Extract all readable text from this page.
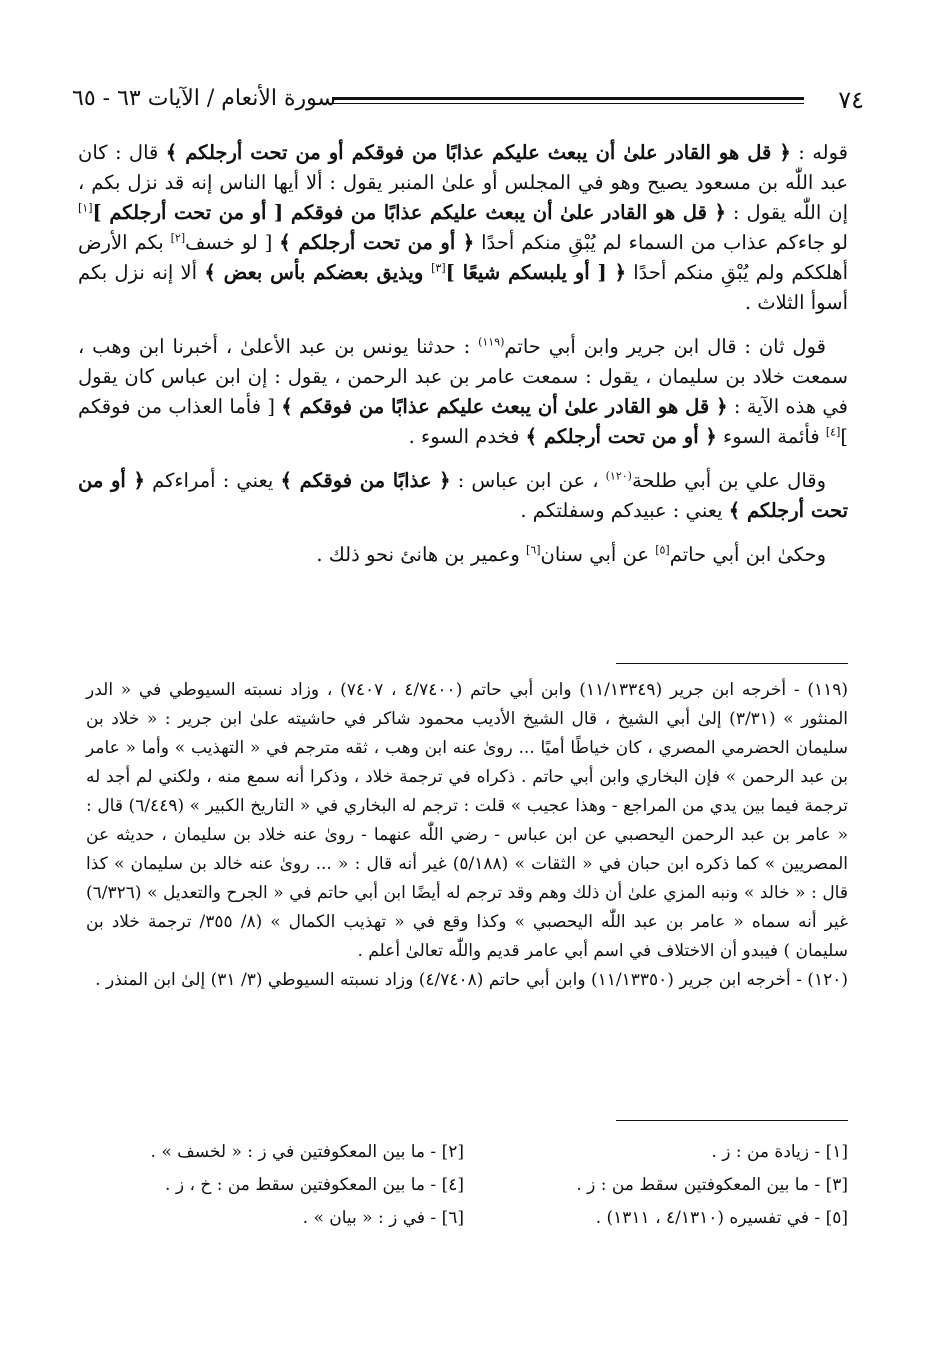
٧٤
سورة الأنعام / الآيات ٦٣ - ٦٥

قوله : ﴿ قل هو القادر علىٰ أن يبعث عليكم عذابًا من فوقكم أو من تحت أرجلكم ﴾ قال : كان عبد اللّٰه بن مسعود يصيح وهو في المجلس أو علىٰ المنبر يقول : ألا أيها الناس إنه قد نزل بكم ، إن اللّٰه يقول : ﴿ قل هو القادر علىٰ أن يبعث عليكم عذابًا من فوقكم [ أو من تحت أرجلكم ][١] لو جاءكم عذاب من السماء لم يُبْقِ منكم أحدًا ﴿ أو من تحت أرجلكم ﴾ [ لو خسف[٢] بكم الأرض أهلككم ولم يُبْقِ منكم أحدًا ﴿ [ أو يلبسكم شيعًا ][٣] ويذيق بعضكم بأس بعض ﴾ ألا إنه نزل بكم أسوأ الثلاث .

قول ثان : قال ابن جرير وابن أبي حاتم$^{(١١٩)}$ : حدثنا يونس بن عبد الأعلىٰ ، أخبرنا ابن وهب ، سمعت خلاد بن سليمان ، يقول : سمعت عامر بن عبد الرحمن ، يقول : إن ابن عباس كان يقول في هذه الآية : ﴿ قل هو القادر علىٰ أن يبعث عليكم عذابًا من فوقكم ﴾ [ فأما العذاب من فوقكم ][٤] فأئمة السوء ﴿ أو من تحت أرجلكم ﴾ فخدم السوء .

وقال علي بن أبي طلحة$^{(١٢٠)}$ ، عن ابن عباس : ﴿ عذابًا من فوقكم ﴾ يعني : أمراءكم ﴿ أو من تحت أرجلكم ﴾ يعني : عبيدكم وسفلتكم .

وحكىٰ ابن أبي حاتم[٥] عن أبي سنان[٦] وعمير بن هانئ نحو ذلك .

(١١٩) - أخرجه ابن جرير (١١/١٣٣٤٩) وابن أبي حاتم (٤/٧٤٠٠ ، ٧٤٠٧) ، وزاد نسبته السيوطي في « الدر المنثور » (٣/٣١) إلىٰ أبي الشيخ ، قال الشيخ الأديب محمود شاكر في حاشيته علىٰ ابن جرير : « خلاد بن سليمان الحضرمي المصري ، كان خياطًا أميًا ... روىٰ عنه ابن وهب ، ثقه مترجم في « التهذيب » وأما « عامر بن عبد الرحمن » فإن البخاري وابن أبي حاتم . ذكراه في ترجمة خلاد ، وذكرا أنه سمع منه ، ولكني لم أجد له ترجمة فيما بين يدي من المراجع - وهذا عجيب » قلت : ترجم له البخاري في « التاريخ الكبير » (٦/٤٤٩) قال : « عامر بن عبد الرحمن اليحصبي عن ابن عباس - رضي اللّٰه عنهما - روىٰ عنه خلاد بن سليمان ، حديثه عن المصريين » كما ذكره ابن حبان في « الثقات » (٥/١٨٨) غير أنه قال : « ... روىٰ عنه خالد بن سليمان » كذا قال : « خالد » ونبه المزي علىٰ أن ذلك وهم وقد ترجم له أيضًا ابن أبي حاتم في « الجرح والتعديل » (٦/٣٢٦) غير أنه سماه « عامر بن عبد اللّٰه اليحصبي » وكذا وقع في « تهذيب الكمال » (٨/ ٣٥٥/ ترجمة خلاد بن سليمان ) فيبدو أن الاختلاف في اسم أبي عامر قديم واللّٰه تعالىٰ أعلم .

(١٢٠) - أخرجه ابن جرير (١١/١٣٣٥٠) وابن أبي حاتم (٤/٧٤٠٨) وزاد نسبته السيوطي (٣/ ٣١) إلىٰ ابن المنذر .

[١] - زيادة من : ز .
[٢] - ما بين المعكوفتين في ز : « لخسف » .
[٣] - ما بين المعكوفتين سقط من : ز .
[٤] - ما بين المعكوفتين سقط من : خ ، ز .
[٥] - في تفسيره (٤/١٣١٠ ، ١٣١١) .
[٦] - في ز : « بيان » .
